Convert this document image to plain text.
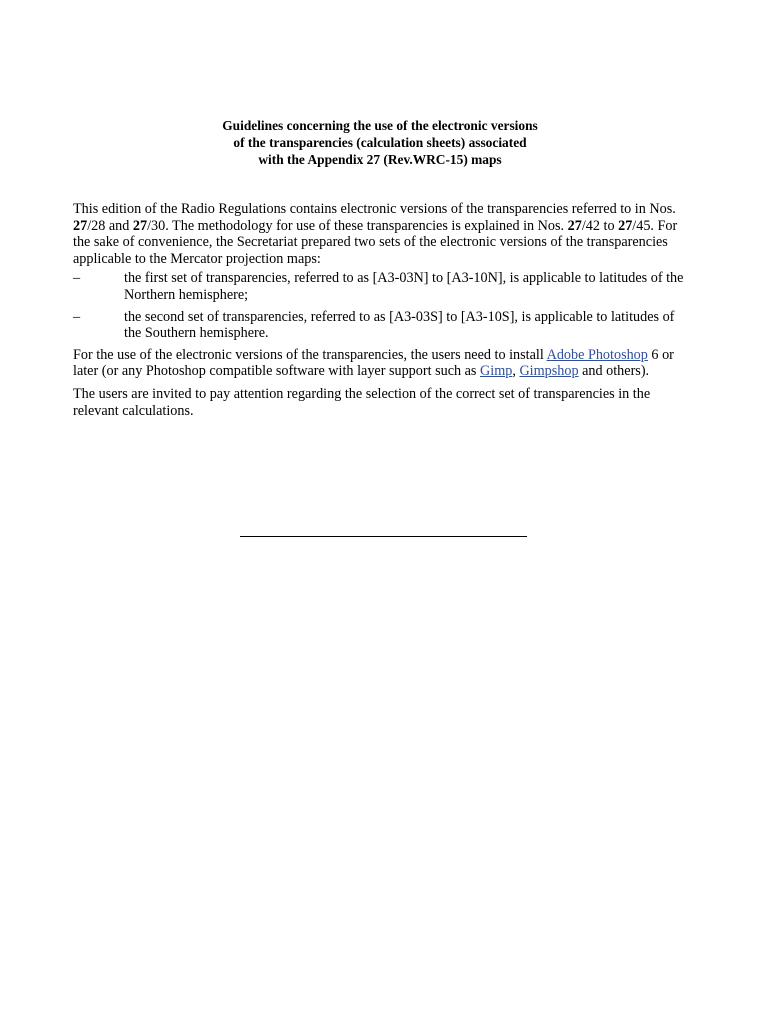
Guidelines concerning the use of the electronic versions
of the transparencies (calculation sheets) associated
with the Appendix 27 (Rev.WRC-15) maps

This edition of the Radio Regulations contains electronic versions of the transparencies referred to in Nos. 27/28 and 27/30. The methodology for use of these transparencies is explained in Nos. 27/42 to 27/45. For the sake of convenience, the Secretariat prepared two sets of the electronic versions of the transparencies applicable to the Mercator projection maps:

–	the first set of transparencies, referred to as [A3-03N] to [A3-10N], is applicable to latitudes of the Northern hemisphere;
–	the second set of transparencies, referred to as [A3-03S] to [A3-10S], is applicable to latitudes of the Southern hemisphere.

For the use of the electronic versions of the transparencies, the users need to install Adobe Photoshop 6 or later (or any Photoshop compatible software with layer support such as Gimp, Gimpshop and others).

The users are invited to pay attention regarding the selection of the correct set of transparencies in the relevant calculations.
